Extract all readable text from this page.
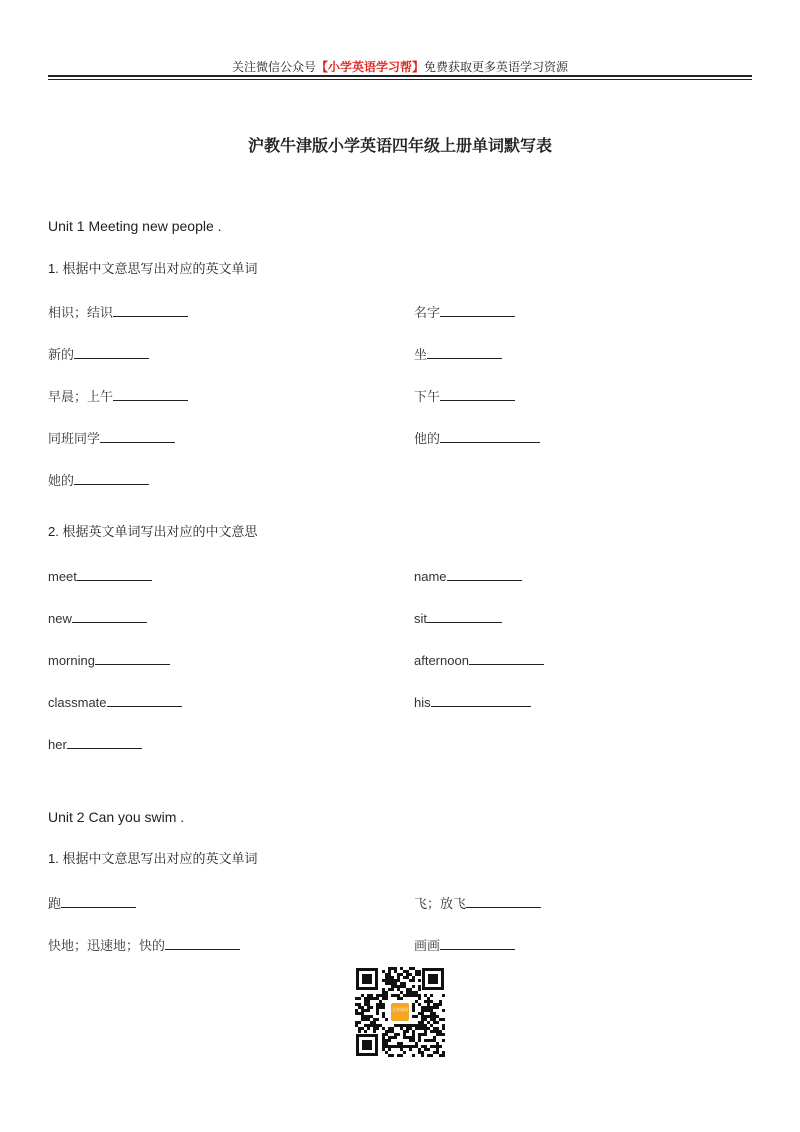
关注微信公众号【小学英语学习帮】免费获取更多英语学习资源
沪教牛津版小学英语四年级上册单词默写表
Unit 1 Meeting new people .
1. 根据中文意思写出对应的英文单词
相识；结识	名字
新的	坐
早晨；上午	下午
同班同学	他的
她的
2. 根据英文单词写出对应的中文意思
meet	name
new	sit
morning	afternoon
classmate	his
her
Unit 2 Can you swim .
1. 根据中文意思写出对应的英文单词
跑	飞；放飞
快地；迅速地；快的	画画
小学英语
